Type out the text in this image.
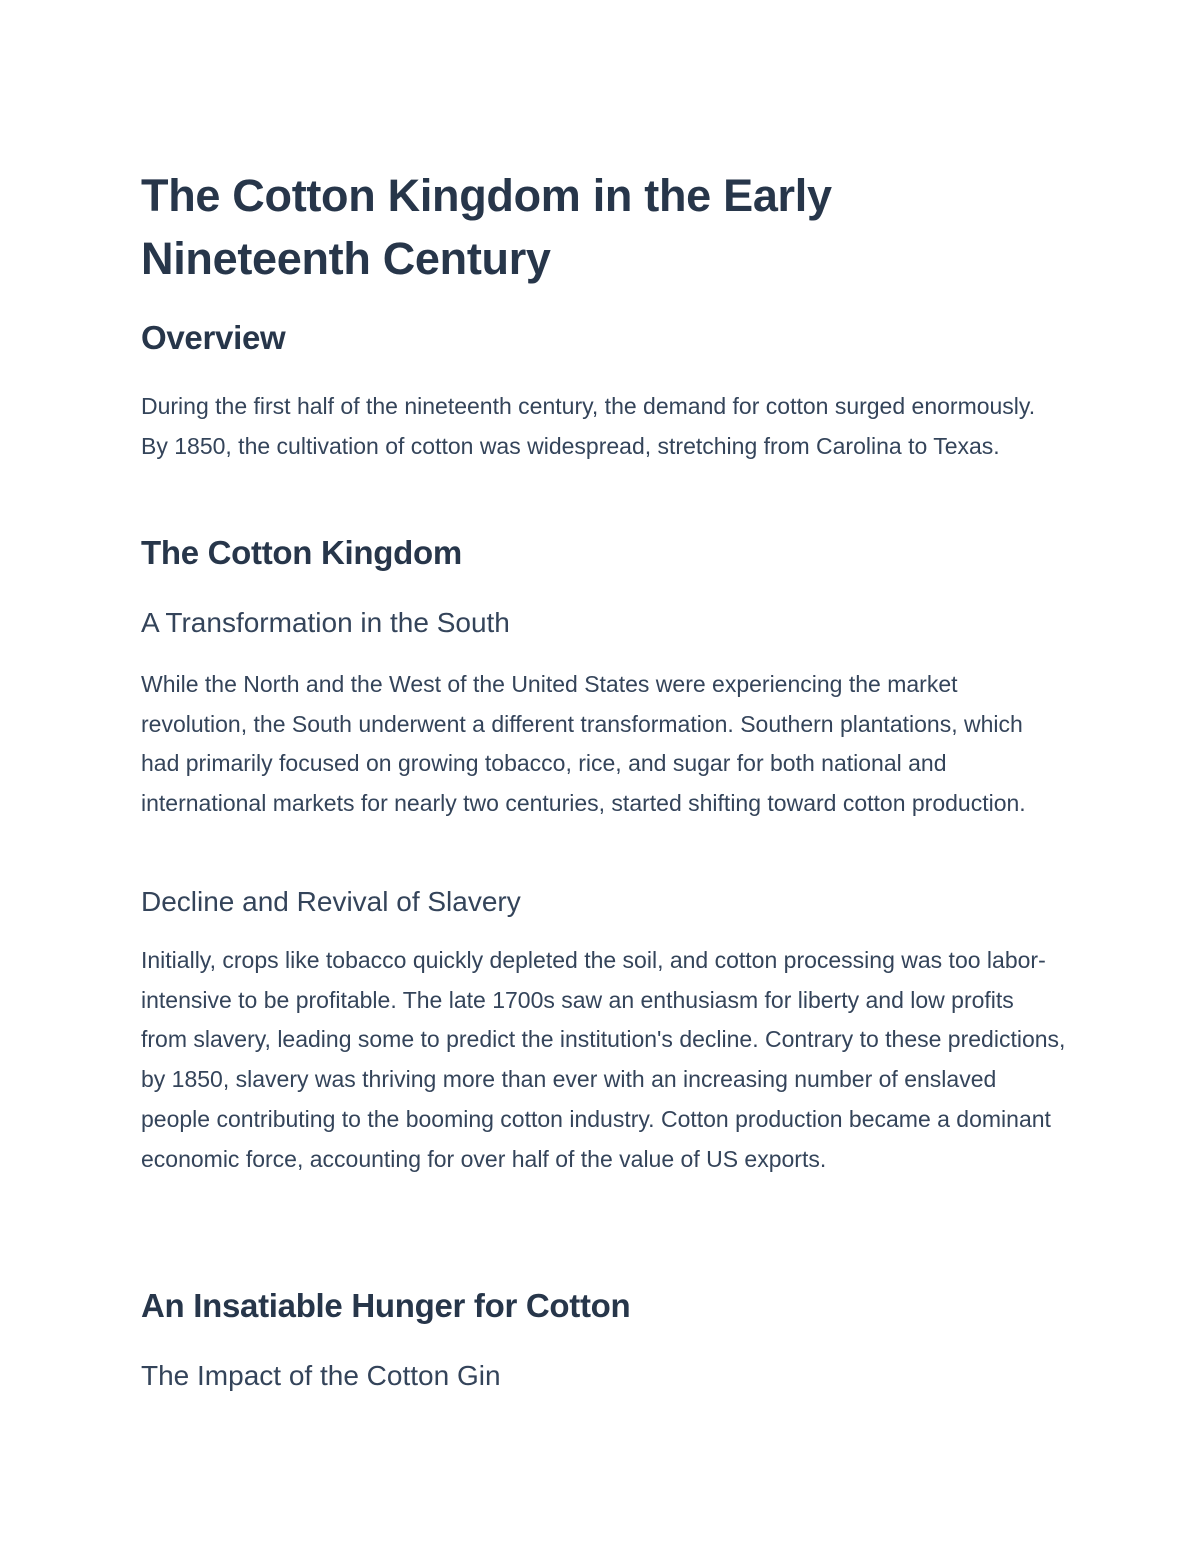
The Cotton Kingdom in the Early
Nineteenth Century
Overview

During the first half of the nineteenth century, the demand for cotton surged enormously. By 1850, the cultivation of cotton was widespread, stretching from Carolina to Texas.

The Cotton Kingdom
A Transformation in the South

While the North and the West of the United States were experiencing the market revolution, the South underwent a different transformation. Southern plantations, which had primarily focused on growing tobacco, rice, and sugar for both national and international markets for nearly two centuries, started shifting toward cotton production.

Decline and Revival of Slavery

Initially, crops like tobacco quickly depleted the soil, and cotton processing was too labor-intensive to be profitable. The late 1700s saw an enthusiasm for liberty and low profits from slavery, leading some to predict the institution's decline. Contrary to these predictions, by 1850, slavery was thriving more than ever with an increasing number of enslaved people contributing to the booming cotton industry. Cotton production became a dominant economic force, accounting for over half of the value of US exports.

An Insatiable Hunger for Cotton
The Impact of the Cotton Gin
